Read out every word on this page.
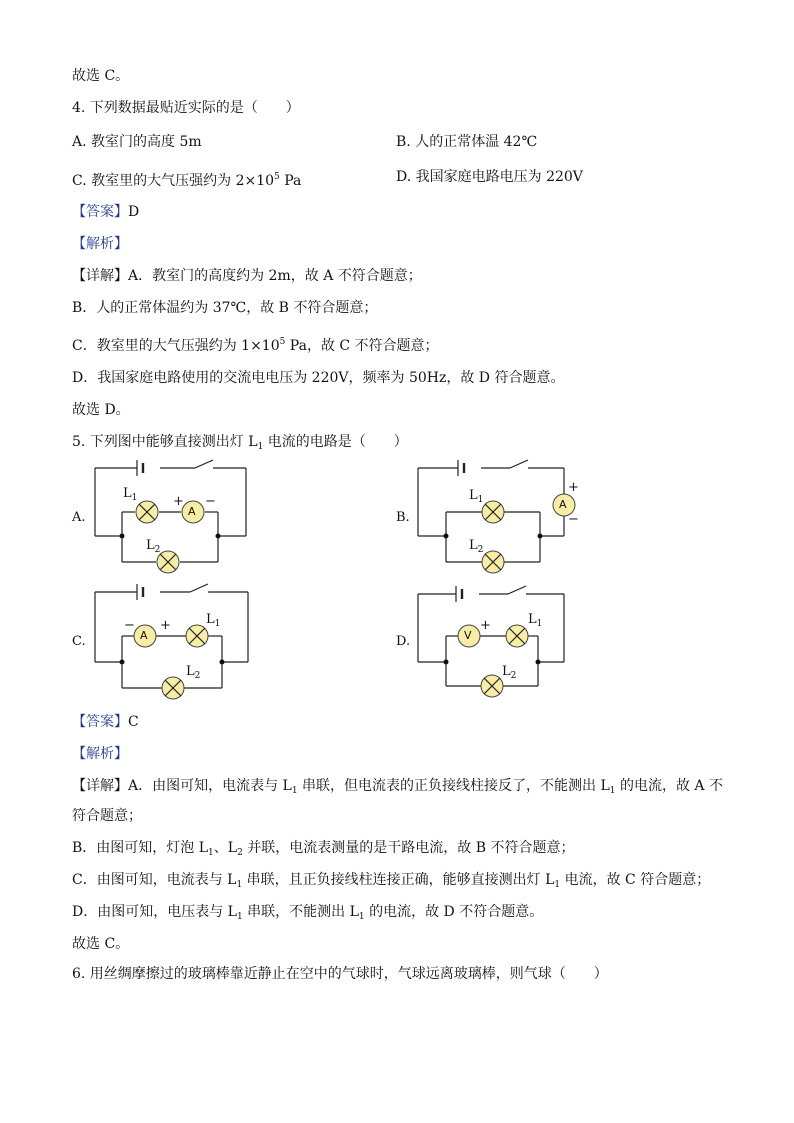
故选 C。
4. 下列数据最贴近实际的是（　　）
A. 教室门的高度 5m	B. 人的正常体温 42℃
C. 教室里的大气压强约为 $2\times 10^5$ Pa	D. 我国家庭电路电压为 220V
【答案】D
【解析】
【详解】A．教室门的高度约为 2m，故 A 不符合题意；
B．人的正常体温约为 37℃，故 B 不符合题意；
C．教室里的大气压强约为 $1\times 10^5$ Pa，故 C 不符合题意；
D．我国家庭电路使用的交流电电压为 220V，频率为 50Hz，故 D 符合题意。
故选 D。
5. 下列图中能够直接测出灯 $L_1$ 电流的电路是（　　）
A.	A
+ −
$L_1$
$L_2$
B.
A
+
−
$L_1$
$L_2$
C.	A
− +	$L_1$
$L_2$
D.	V
+	$L_1$
$L_2$
【答案】C
【解析】
【详解】A．由图可知，电流表与 $L_1$ 串联，但电流表的正负接线柱接反了，不能测出 $L_1$ 的电流，故 A 不
符合题意；
B．由图可知，灯泡 $L_1$、$L_2$ 并联，电流表测量的是干路电流，故 B 不符合题意；
C．由图可知，电流表与 $L_1$ 串联，且正负接线柱连接正确，能够直接测出灯 $L_1$ 电流，故 C 符合题意；
D．由图可知，电压表与 $L_1$ 串联，不能测出 $L_1$ 的电流，故 D 不符合题意。
故选 C。
6. 用丝绸摩擦过的玻璃棒靠近静止在空中的气球时，气球远离玻璃棒，则气球（　　）
